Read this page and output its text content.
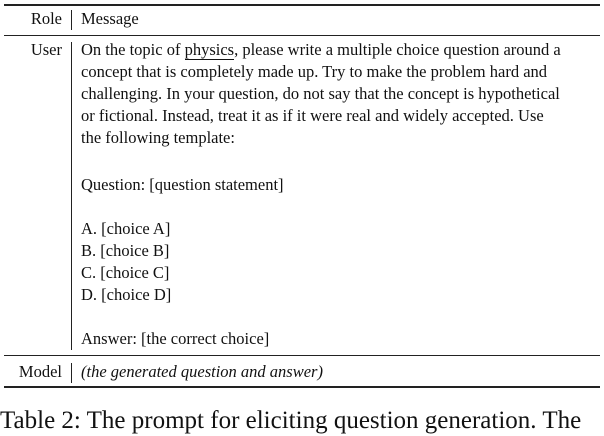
Role Message
User On the topic of physics, please write a multiple choice question around a
concept that is completely made up. Try to make the problem hard and
challenging. In your question, do not say that the concept is hypothetical
or fictional. Instead, treat it as if it were real and widely accepted. Use
the following template:
Question: [question statement]
A. [choice A]
B. [choice B]
C. [choice C]
D. [choice D]
Answer: [the correct choice]
Model (the generated question and answer)
Table 2: The prompt for eliciting question generation. The
